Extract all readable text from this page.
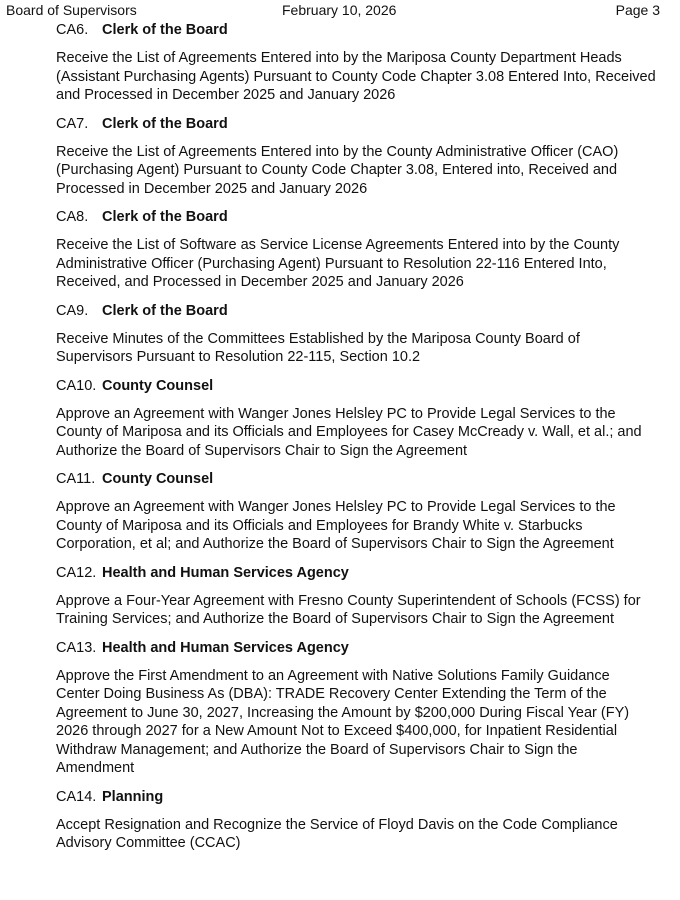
Board of Supervisors	February 10, 2026	Page 3
CA6. Clerk of the Board
Receive the List of Agreements Entered into by the Mariposa County Department Heads (Assistant Purchasing Agents) Pursuant to County Code Chapter 3.08 Entered Into, Received and Processed in December 2025 and January 2026
CA7. Clerk of the Board
Receive the List of Agreements Entered into by the County Administrative Officer (CAO) (Purchasing Agent) Pursuant to County Code Chapter 3.08, Entered into, Received and Processed in December 2025 and January 2026
CA8. Clerk of the Board
Receive the List of Software as Service License Agreements Entered into by the County Administrative Officer (Purchasing Agent) Pursuant to Resolution 22-116 Entered Into, Received, and Processed in December 2025 and January 2026
CA9. Clerk of the Board
Receive Minutes of the Committees Established by the Mariposa County Board of Supervisors Pursuant to Resolution 22-115, Section 10.2
CA10. County Counsel
Approve an Agreement with Wanger Jones Helsley PC to Provide Legal Services to the County of Mariposa and its Officials and Employees for Casey McCready v. Wall, et al.; and Authorize the Board of Supervisors Chair to Sign the Agreement
CA11. County Counsel
Approve an Agreement with Wanger Jones Helsley PC to Provide Legal Services to the County of Mariposa and its Officials and Employees for Brandy White v. Starbucks Corporation, et al; and Authorize the Board of Supervisors Chair to Sign the Agreement
CA12. Health and Human Services Agency
Approve a Four-Year Agreement with Fresno County Superintendent of Schools (FCSS) for Training Services; and Authorize the Board of Supervisors Chair to Sign the Agreement
CA13. Health and Human Services Agency
Approve the First Amendment to an Agreement with Native Solutions Family Guidance Center Doing Business As (DBA): TRADE Recovery Center Extending the Term of the Agreement to June 30, 2027, Increasing the Amount by $200,000 During Fiscal Year (FY) 2026 through 2027 for a New Amount Not to Exceed $400,000, for Inpatient Residential Withdraw Management; and Authorize the Board of Supervisors Chair to Sign the Amendment
CA14. Planning
Accept Resignation and Recognize the Service of Floyd Davis on the Code Compliance Advisory Committee (CCAC)
